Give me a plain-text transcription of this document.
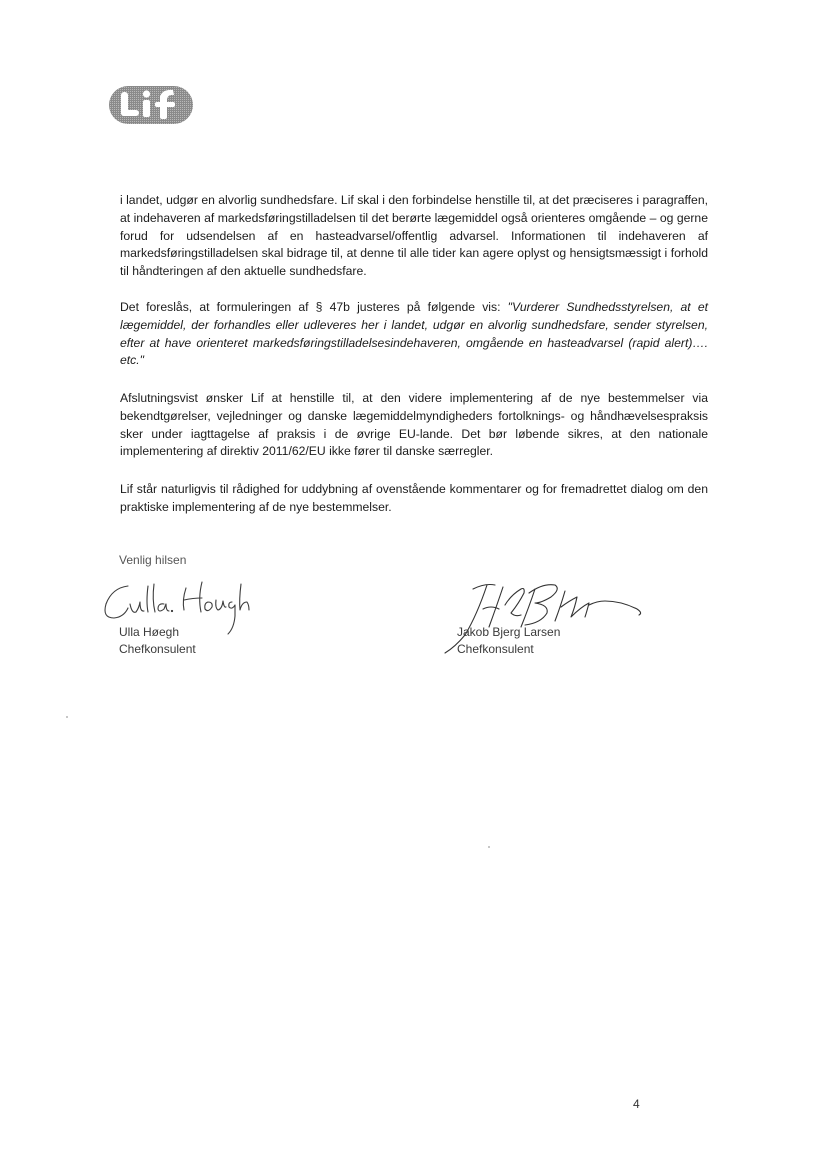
i landet, udgør en alvorlig sundhedsfare. Lif skal i den forbindelse henstille til, at det præciseres i paragraffen, at indehaveren af markedsføringstilladelsen til det berørte lægemiddel også orienteres omgående – og gerne forud for udsendelsen af en hasteadvarsel/offentlig advarsel. Informationen til indehaveren af markedsføringstilladelsen skal bidrage til, at denne til alle tider kan agere oplyst og hensigtsmæssigt i forhold til håndteringen af den aktuelle sundhedsfare.

Det foreslås, at formuleringen af § 47b justeres på følgende vis: "Vurderer Sundhedsstyrelsen, at et lægemiddel, der forhandles eller udleveres her i landet, udgør en alvorlig sundhedsfare, sender styrelsen, efter at have orienteret markedsføringstilladelsesindehaveren, omgående en hasteadvarsel (rapid alert)…. etc."

Afslutningsvist ønsker Lif at henstille til, at den videre implementering af de nye bestemmelser via bekendtgørelser, vejledninger og danske lægemiddelmyndigheders fortolknings- og håndhævelsespraksis sker under iagttagelse af praksis i de øvrige EU-lande. Det bør løbende sikres, at den nationale implementering af direktiv 2011/62/EU ikke fører til danske særregler.

Lif står naturligvis til rådighed for uddybning af ovenstående kommentarer og for fremadrettet dialog om den praktiske implementering af de nye bestemmelser.

Venlig hilsen
Ulla Høegh
Chefkonsulent
Jakob Bjerg Larsen
Chefkonsulent
4
